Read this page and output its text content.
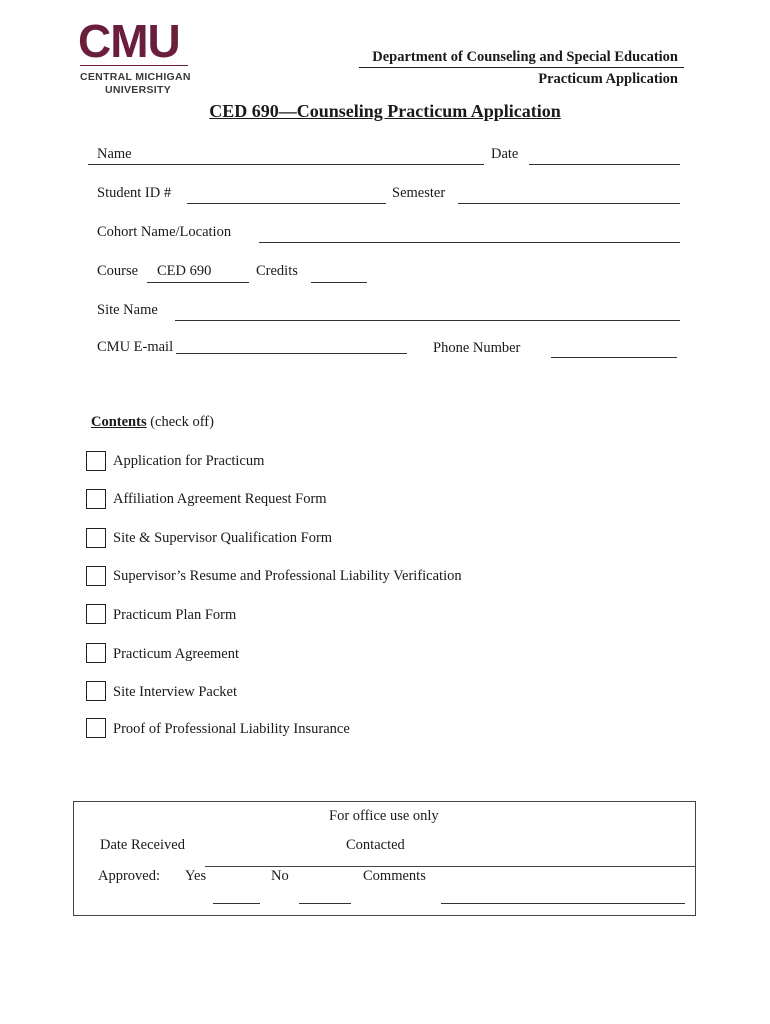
CMU
CENTRAL MICHIGAN
UNIVERSITY
Department of Counseling and Special Education
Practicum Application
CED 690—Counseling Practicum Application
Name	Date
Student ID #	Semester
Cohort Name/Location
Course CED 690	Credits
Site Name
CMU E-mail	Phone Number
Contents (check off)
Application for Practicum
Affiliation Agreement Request Form
Site & Supervisor Qualification Form
Supervisor’s Resume and Professional Liability Verification
Practicum Plan Form
Practicum Agreement
Site Interview Packet
Proof of Professional Liability Insurance
For office use only
Date Received	Contacted
Approved: Yes	No	Comments
